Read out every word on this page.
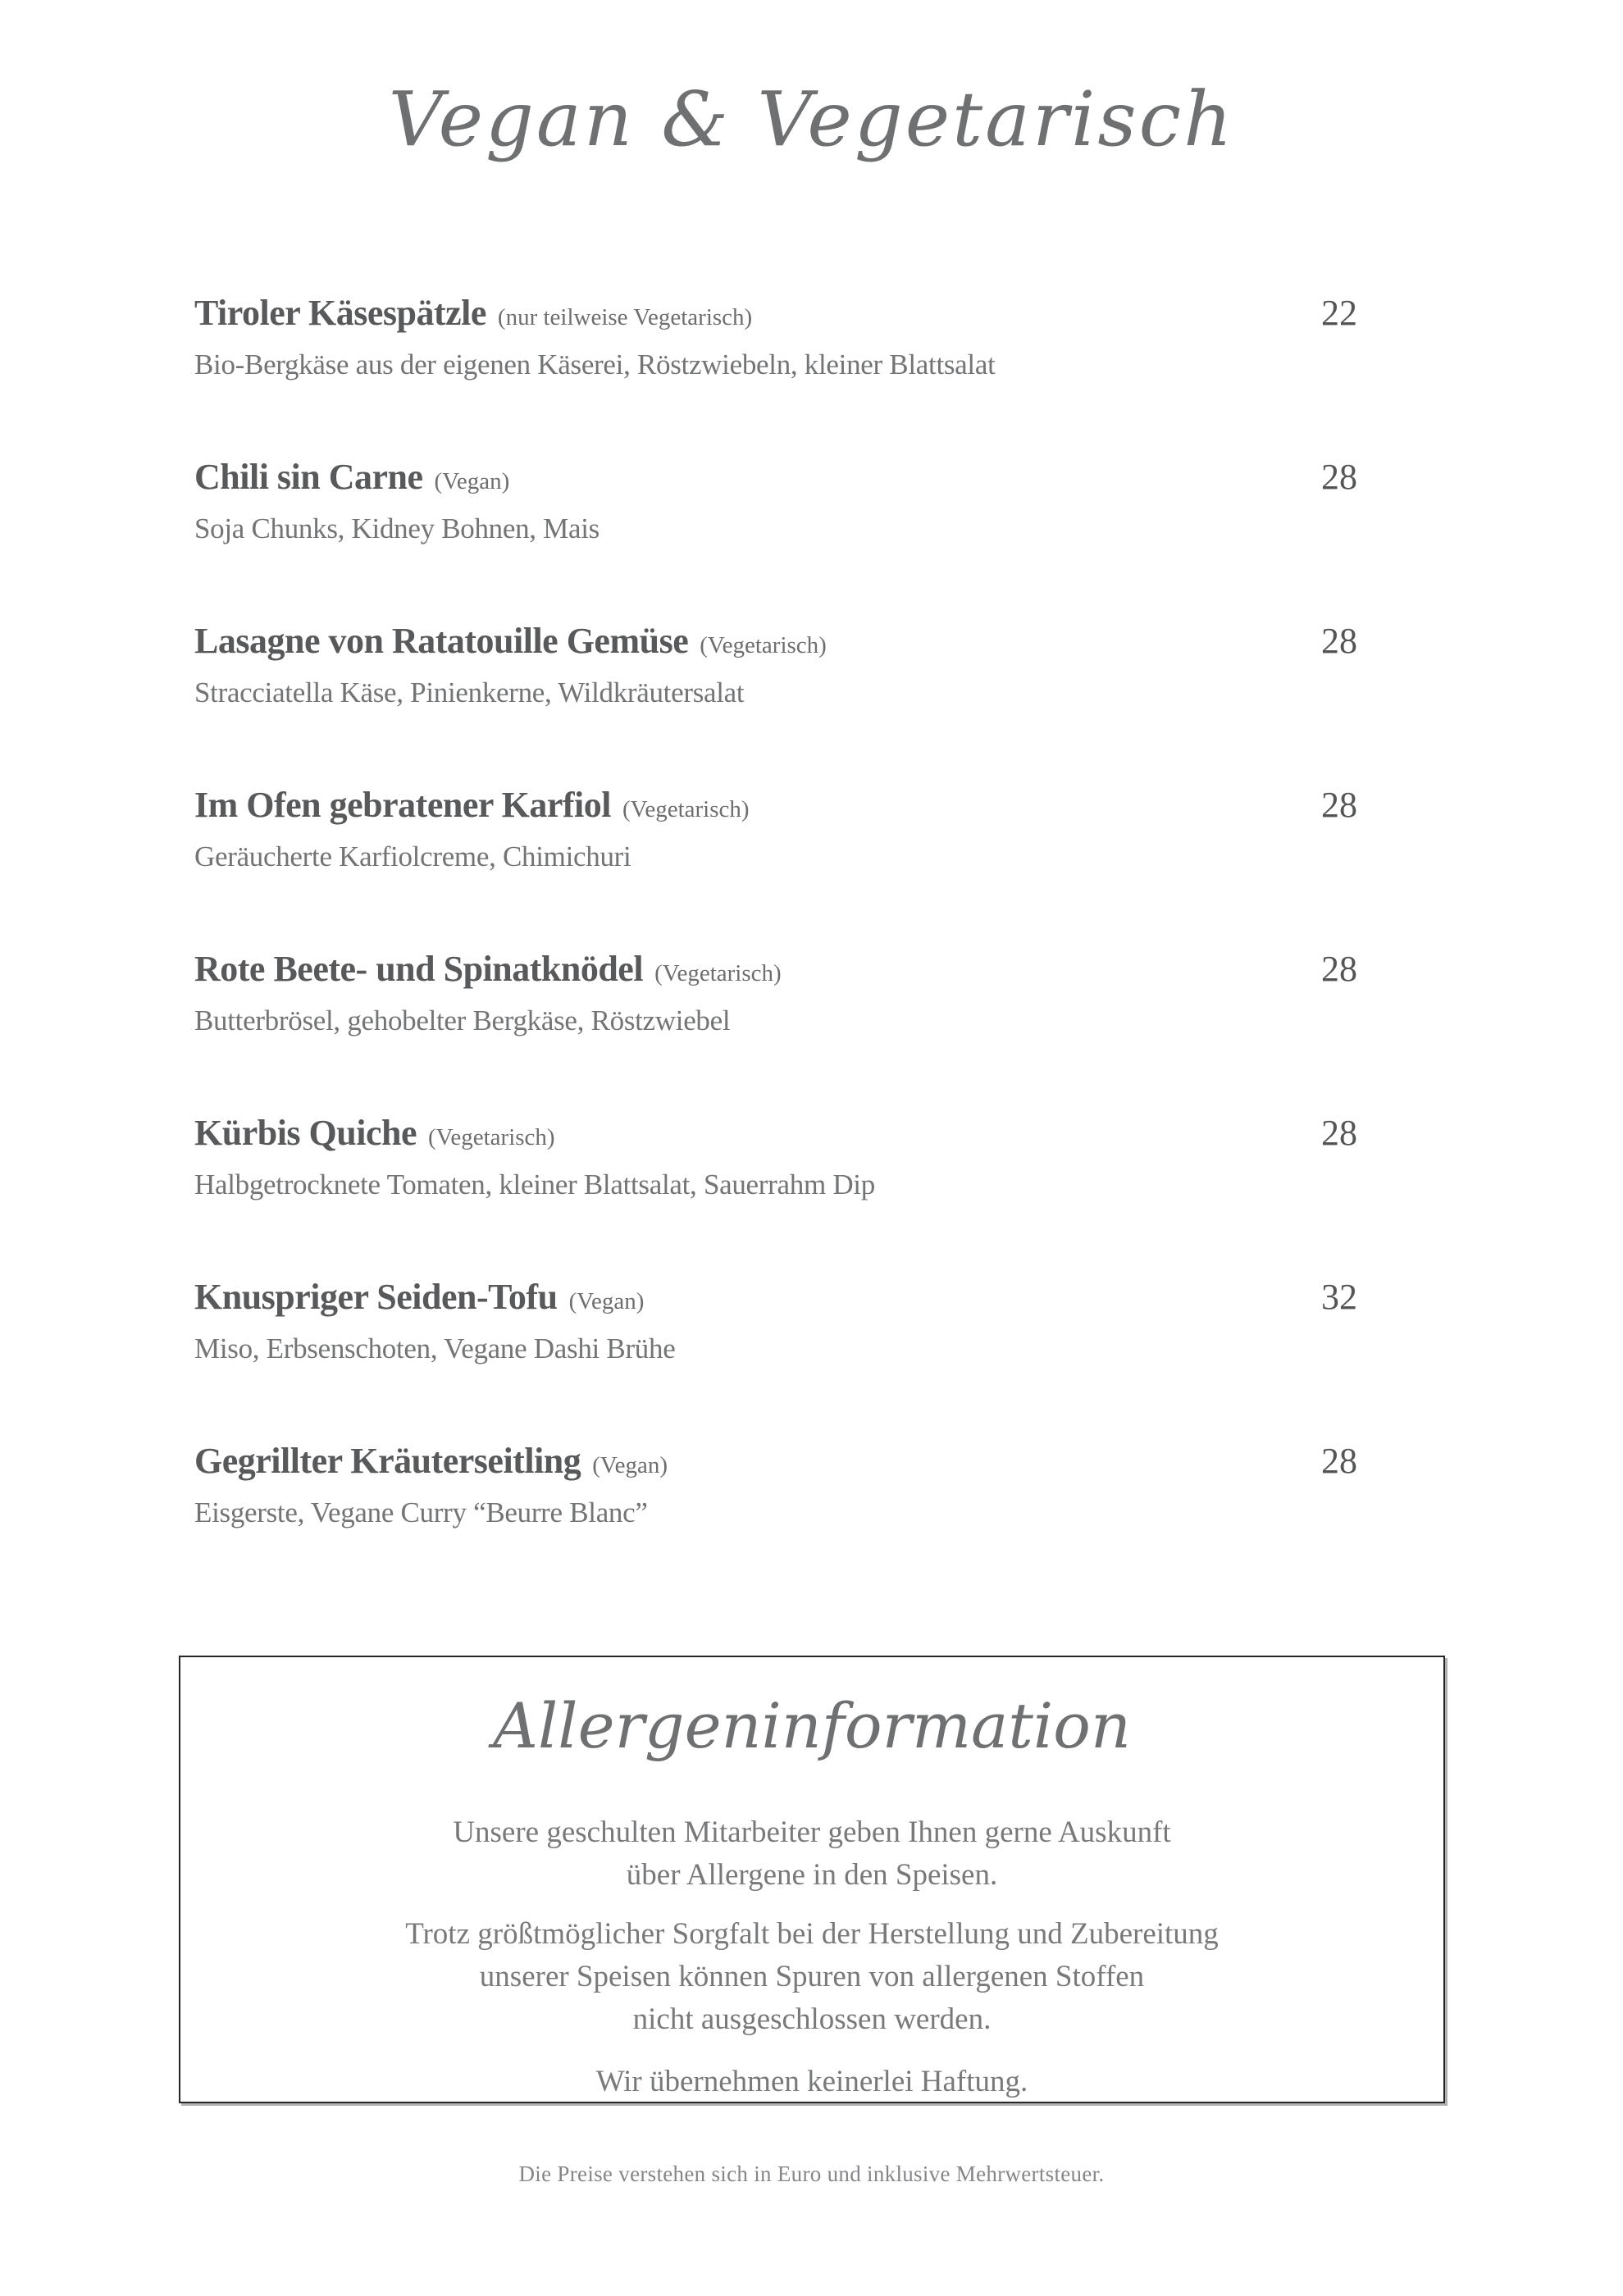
Vegan & Vegetarisch
Tiroler Käsespätzle (nur teilweise Vegetarisch)	22
Bio-Bergkäse aus der eigenen Käserei, Röstzwiebeln, kleiner Blattsalat
Chili sin Carne (Vegan)	28
Soja Chunks, Kidney Bohnen, Mais
Lasagne von Ratatouille Gemüse (Vegetarisch)	28
Stracciatella Käse, Pinienkerne, Wildkräutersalat
Im Ofen gebratener Karfiol (Vegetarisch)	28
Geräucherte Karfiolcreme, Chimichuri
Rote Beete- und Spinatknödel (Vegetarisch)	28
Butterbrösel, gehobelter Bergkäse, Röstzwiebel
Kürbis Quiche (Vegetarisch)	28
Halbgetrocknete Tomaten, kleiner Blattsalat, Sauerrahm Dip
Knuspriger Seiden-Tofu (Vegan)	32
Miso, Erbsenschoten, Vegane Dashi Brühe
Gegrillter Kräuterseitling (Vegan)	28
Eisgerste, Vegane Curry “Beurre Blanc”
Allergeninformation

Unsere geschulten Mitarbeiter geben Ihnen gerne Auskunft
über Allergene in den Speisen.

Trotz größtmöglicher Sorgfalt bei der Herstellung und Zubereitung
unserer Speisen können Spuren von allergenen Stoffen
nicht ausgeschlossen werden.

Wir übernehmen keinerlei Haftung.

Die Preise verstehen sich in Euro und inklusive Mehrwertsteuer.
